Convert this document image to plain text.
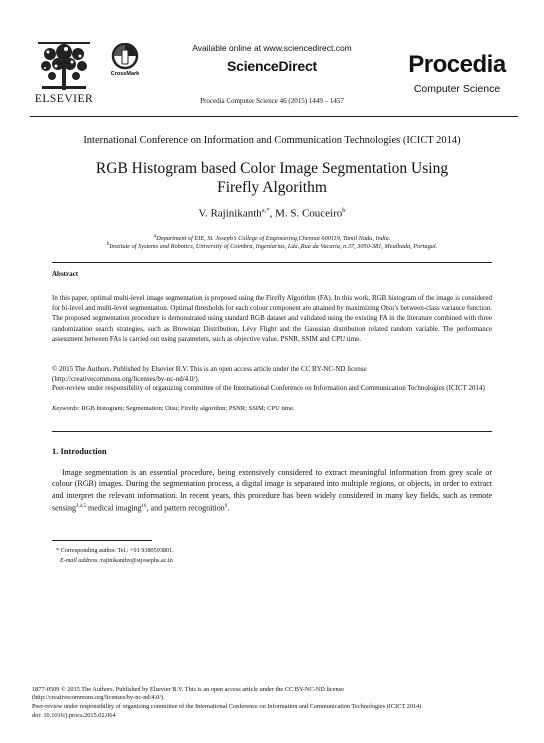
ELSEVIER
CrossMark
Available online at www.sciencedirect.com
ScienceDirect
Procedia Computer Science 46 (2015) 1449 – 1457
Procedia
Computer Science
International Conference on Information and Communication Technologies (ICICT 2014)
RGB Histogram based Color Image Segmentation Using
Firefly Algorithm
V. Rajinikanth$^{a,*}$, M. S. Couceiro$^b$
$^a$Department of EIE, St. Joseph’s College of Engineering,Chennai 600119, Tamil Nadu, India.
$^b$Institute of Systems and Robotics, University of Coimbra, Ingeniarius, Lda.,Rua da Vacaria, n.37, 3050-381, Mealhada, Portugal.
Abstract
In this paper, optimal multi-level image segmentation is proposed using the Firefly Algorithm (FA). In this work, RGB histogram of the image is considered for bi-level and multi-level segmentation. Optimal thresholds for each colour component are attained by maximizing Otsu’s between-class variance function. The proposed segmentation procedure is demonstrated using standard RGB dataset and validated using the existing FA in the literature combined with three randomization search strategies, such as Brownian Distribution, Lévy Flight and the Gaussian distribution related random variable. The performance assessment between FAs is carried out using parameters, such as objective value, PSNR, SSIM and CPU time.
© 2015 The Authors. Published by Elsevier B.V. This is an open access article under the CC BY-NC-ND license
(http://creativecommons.org/licenses/by-nc-nd/4.0/).
Peer-review under responsibility of organizing committee of the International Conference on Information and Communication Technologies (ICICT 2014)
Keywords: RGB histogram; Segmentation; Otsu; Firefly algorithm; PSNR; SSIM; CPU time.
1. Introduction
Image segmentation is an essential procedure, being extensively considered to extract meaningful information from grey scale or colour (RGB) images. During the segmentation process, a digital image is separated into multiple regions, or objects, in order to extract and interpret the relevant information. In recent years, this procedure has been widely considered in many key fields, such as remote sensing$^{3,4,5}$ medical imaging$^{16}$, and pattern recognition$^9$.
* Corresponding author. Tel.: +91 9380593801.
E-mail address :rajinikanthv@stjosephs.ac.in
1877-0509 © 2015 The Authors. Published by Elsevier B.V. This is an open access article under the CC BY-NC-ND license
(http://creativecommons.org/licenses/by-nc-nd/4.0/).
Peer-review under responsibility of organizing committee of the International Conference on Information and Communication Technologies (ICICT 2014)
doi: 10.1016/j.procs.2015.02.064
